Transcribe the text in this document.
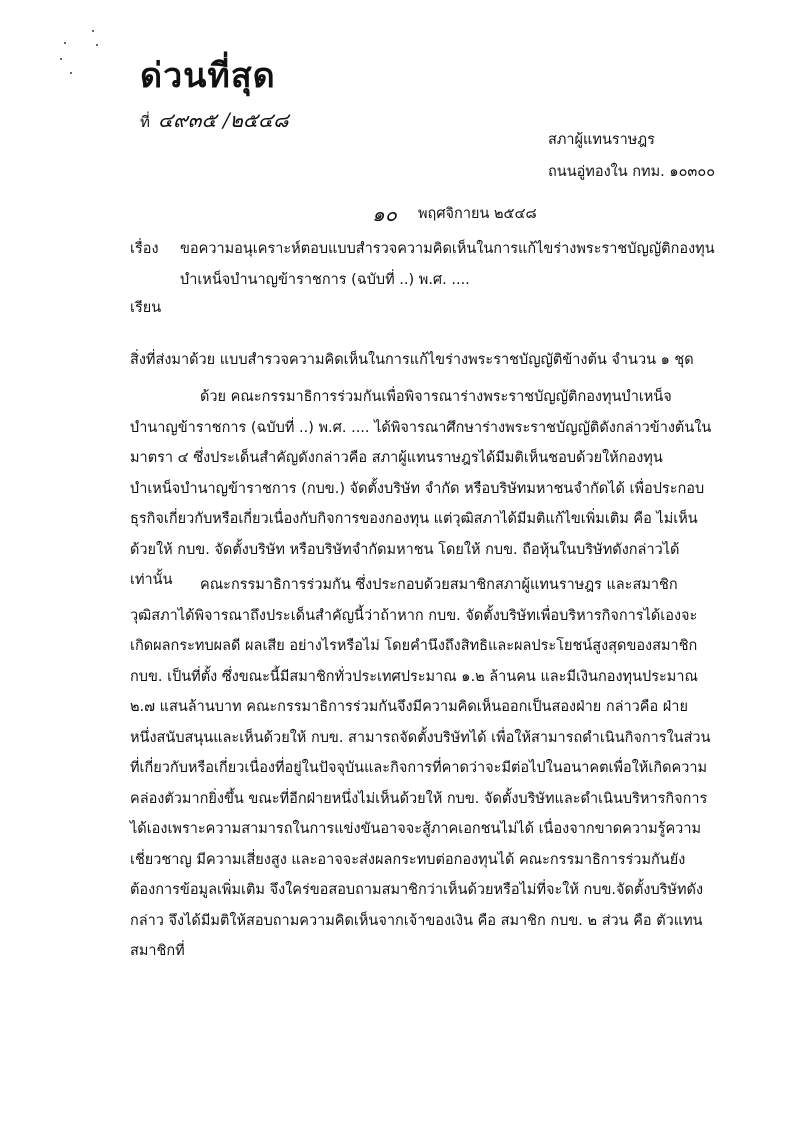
ด่วนที่สุด
ที่ ๔๙๓๕ /๒๕๔๘
สภาผู้แทนราษฎร
ถนนอู่ทองใน กทม. ๑๐๓๐๐
๑๐ พฤศจิกายน ๒๕๔๘
เรื่อง ขอความอนุเคราะห์ตอบแบบสำรวจความคิดเห็นในการแก้ไขร่างพระราชบัญญัติกองทุน
บำเหน็จบำนาญข้าราชการ (ฉบับที่ ..) พ.ศ. ....
เรียน
สิ่งที่ส่งมาด้วย แบบสำรวจความคิดเห็นในการแก้ไขร่างพระราชบัญญัติข้างต้น จำนวน ๑ ชุด

ด้วย คณะกรรมาธิการร่วมกันเพื่อพิจารณาร่างพระราชบัญญัติกองทุนบำเหน็จบำนาญข้าราชการ (ฉบับที่ ..) พ.ศ. .... ได้พิจารณาศึกษาร่างพระราชบัญญัติดังกล่าวข้างต้นในมาตรา ๔ ซึ่งประเด็นสำคัญดังกล่าวคือ สภาผู้แทนราษฎรได้มีมติเห็นชอบด้วยให้กองทุนบำเหน็จบำนาญข้าราชการ (กบข.) จัดตั้งบริษัท จำกัด หรือบริษัทมหาชนจำกัดได้ เพื่อประกอบธุรกิจเกี่ยวกับหรือเกี่ยวเนื่องกับกิจการของกองทุน แต่วุฒิสภาได้มีมติแก้ไขเพิ่มเติม คือ ไม่เห็นด้วยให้ กบข. จัดตั้งบริษัท หรือบริษัทจำกัดมหาชน โดยให้ กบข. ถือหุ้นในบริษัทดังกล่าวได้เท่านั้น	คณะกรรมาธิการร่วมกัน ซึ่งประกอบด้วยสมาชิกสภาผู้แทนราษฎร และสมาชิกวุฒิสภาได้พิจารณาถึงประเด็นสำคัญนี้ว่าถ้าหาก กบข. จัดตั้งบริษัทเพื่อบริหารกิจการได้เองจะเกิดผลกระทบผลดี ผลเสีย อย่างไรหรือไม่ โดยคำนึงถึงสิทธิและผลประโยชน์สูงสุดของสมาชิก กบข. เป็นที่ตั้ง ซึ่งขณะนี้มีสมาชิกทั่วประเทศประมาณ ๑.๒ ล้านคน และมีเงินกองทุนประมาณ ๒.๗ แสนล้านบาท คณะกรรมาธิการร่วมกันจึงมีความคิดเห็นออกเป็นสองฝ่าย กล่าวคือ ฝ่ายหนึ่งสนับสนุนและเห็นด้วยให้ กบข. สามารถจัดตั้งบริษัทได้ เพื่อให้สามารถดำเนินกิจการในส่วนที่เกี่ยวกับหรือเกี่ยวเนื่องที่อยู่ในปัจจุบันและกิจการที่คาดว่าจะมีต่อไปในอนาคตเพื่อให้เกิดความคล่องตัวมากยิ่งขึ้น ขณะที่อีกฝ่ายหนึ่งไม่เห็นด้วยให้ กบข. จัดตั้งบริษัทและดำเนินบริหารกิจการได้เองเพราะความสามารถในการแข่งขันอาจจะสู้ภาคเอกชนไม่ได้ เนื่องจากขาดความรู้ความเชี่ยวชาญ มีความเสี่ยงสูง และอาจจะส่งผลกระทบต่อกองทุนได้ คณะกรรมาธิการร่วมกันยังต้องการข้อมูลเพิ่มเติม จึงใคร่ขอสอบถามสมาชิกว่าเห็นด้วยหรือไม่ที่จะให้ กบข.จัดตั้งบริษัทดังกล่าว จึงได้มีมติให้สอบถามความคิดเห็นจากเจ้าของเงิน คือ สมาชิก กบข. ๒ ส่วน คือ ตัวแทนสมาชิกที่
